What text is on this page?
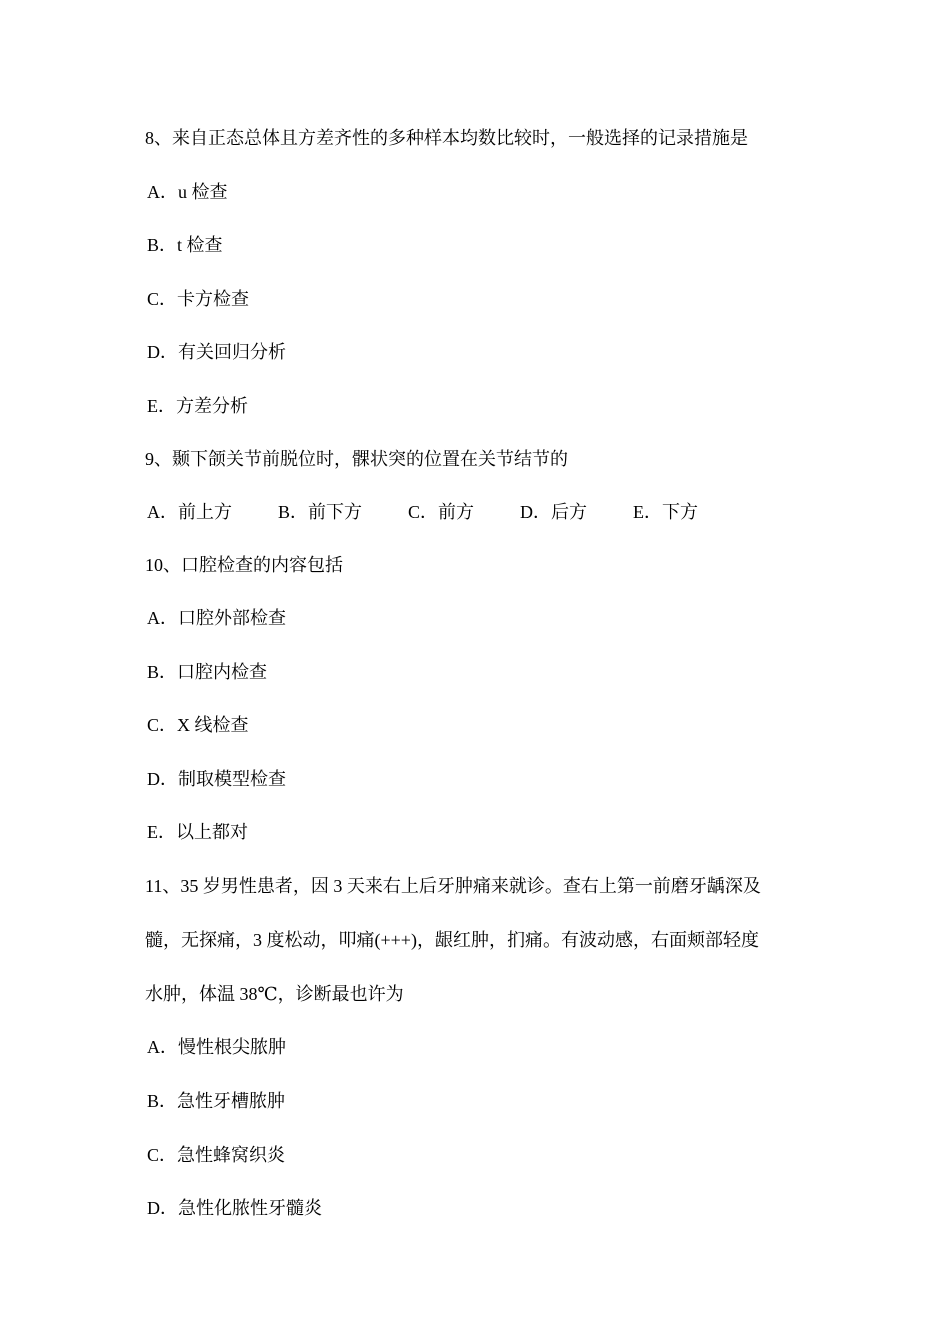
8、来自正态总体且方差齐性的多种样本均数比较时，一般选择的记录措施是
A．u 检查
B．t 检查
C．卡方检查
D．有关回归分析
E．方差分析
9、颞下颌关节前脱位时，髁状突的位置在关节结节的
A．前上方	B．前下方	C．前方	D．后方	E．下方
10、口腔检查的内容包括
A．口腔外部检查
B．口腔内检查
C．X 线检查
D．制取模型检查
E．以上都对
11、35 岁男性患者，因 3 天来右上后牙肿痛来就诊。查右上第一前磨牙龋深及
髓，无探痛，3 度松动，叩痛(+++)，龈红肿，扪痛。有波动感，右面颊部轻度
水肿，体温 38℃，诊断最也许为
A．慢性根尖脓肿
B．急性牙槽脓肿
C．急性蜂窝织炎
D．急性化脓性牙髓炎
